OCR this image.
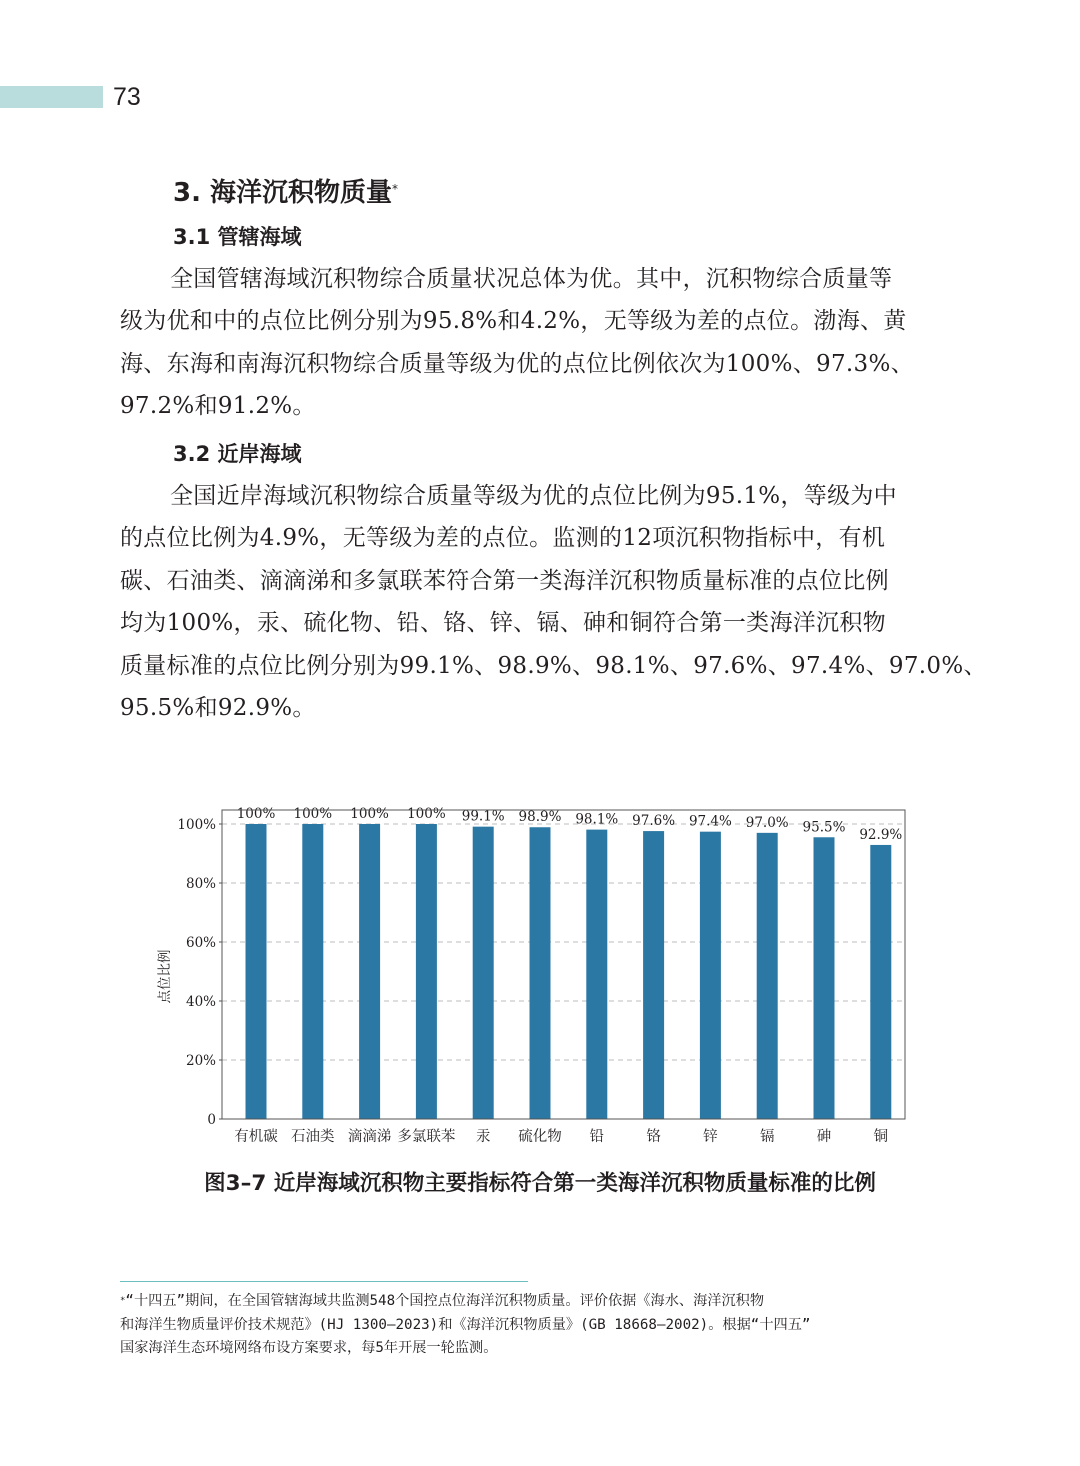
73
3. 海洋沉积物质量*
3.1 管辖海域
全国管辖海域沉积物综合质量状况总体为优。其中，沉积物综合质量等
级为优和中的点位比例分别为95.8%和4.2%，无等级为差的点位。渤海、黄
海、东海和南海沉积物综合质量等级为优的点位比例依次为100%、97.3%、
97.2%和91.2%。
3.2 近岸海域
全国近岸海域沉积物综合质量等级为优的点位比例为95.1%，等级为中
的点位比例为4.9%，无等级为差的点位。监测的12项沉积物指标中，有机
碳、石油类、滴滴涕和多氯联苯符合第一类海洋沉积物质量标准的点位比例
均为100%，汞、硫化物、铅、铬、锌、镉、砷和铜符合第一类海洋沉积物
质量标准的点位比例分别为99.1%、98.9%、98.1%、97.6%、97.4%、97.0%、
95.5%和92.9%。
0
20%
40%
60%
80%
100%
点位比例
100%
有机碳
100%
石油类
100%
滴滴涕
100%
多氯联苯
99.1%
汞
98.9%
硫化物
98.1%
铅
97.6%
铬
97.4%
锌
97.0%
镉
95.5%
砷
92.9%
铜

图3–7 近岸海域沉积物主要指标符合第一类海洋沉积物质量标准的比例

*“十四五”期间，在全国管辖海域共监测548个国控点位海洋沉积物质量。评价依据《海水、海洋沉积物
和海洋生物质量评价技术规范》(HJ 1300—2023)和《海洋沉积物质量》(GB 18668—2002)。根据“十四五”
国家海洋生态环境网络布设方案要求，每5年开展一轮监测。
